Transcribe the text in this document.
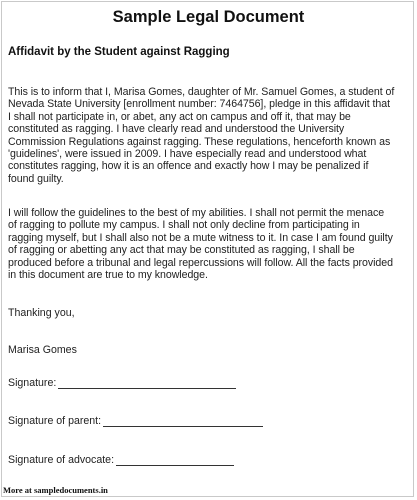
Sample Legal Document
Affidavit by the Student against Ragging

This is to inform that I, Marisa Gomes, daughter of Mr. Samuel Gomes, a student of
Nevada State University [enrollment number: 7464756], pledge in this affidavit that
I shall not participate in, or abet, any act on campus and off it, that may be
constituted as ragging. I have clearly read and understood the University
Commission Regulations against ragging. These regulations, henceforth known as
'guidelines', were issued in 2009. I have especially read and understood what
constitutes ragging, how it is an offence and exactly how I may be penalized if
found guilty.

I will follow the guidelines to the best of my abilities. I shall not permit the menace
of ragging to pollute my campus. I shall not only decline from participating in
ragging myself, but I shall also not be a mute witness to it. In case I am found guilty
of ragging or abetting any act that may be constituted as ragging, I shall be
produced before a tribunal and legal repercussions will follow. All the facts provided
in this document are true to my knowledge.

Thanking you,

Marisa Gomes

Signature:
Signature of parent:
Signature of advocate:

More at sampledocuments.in
